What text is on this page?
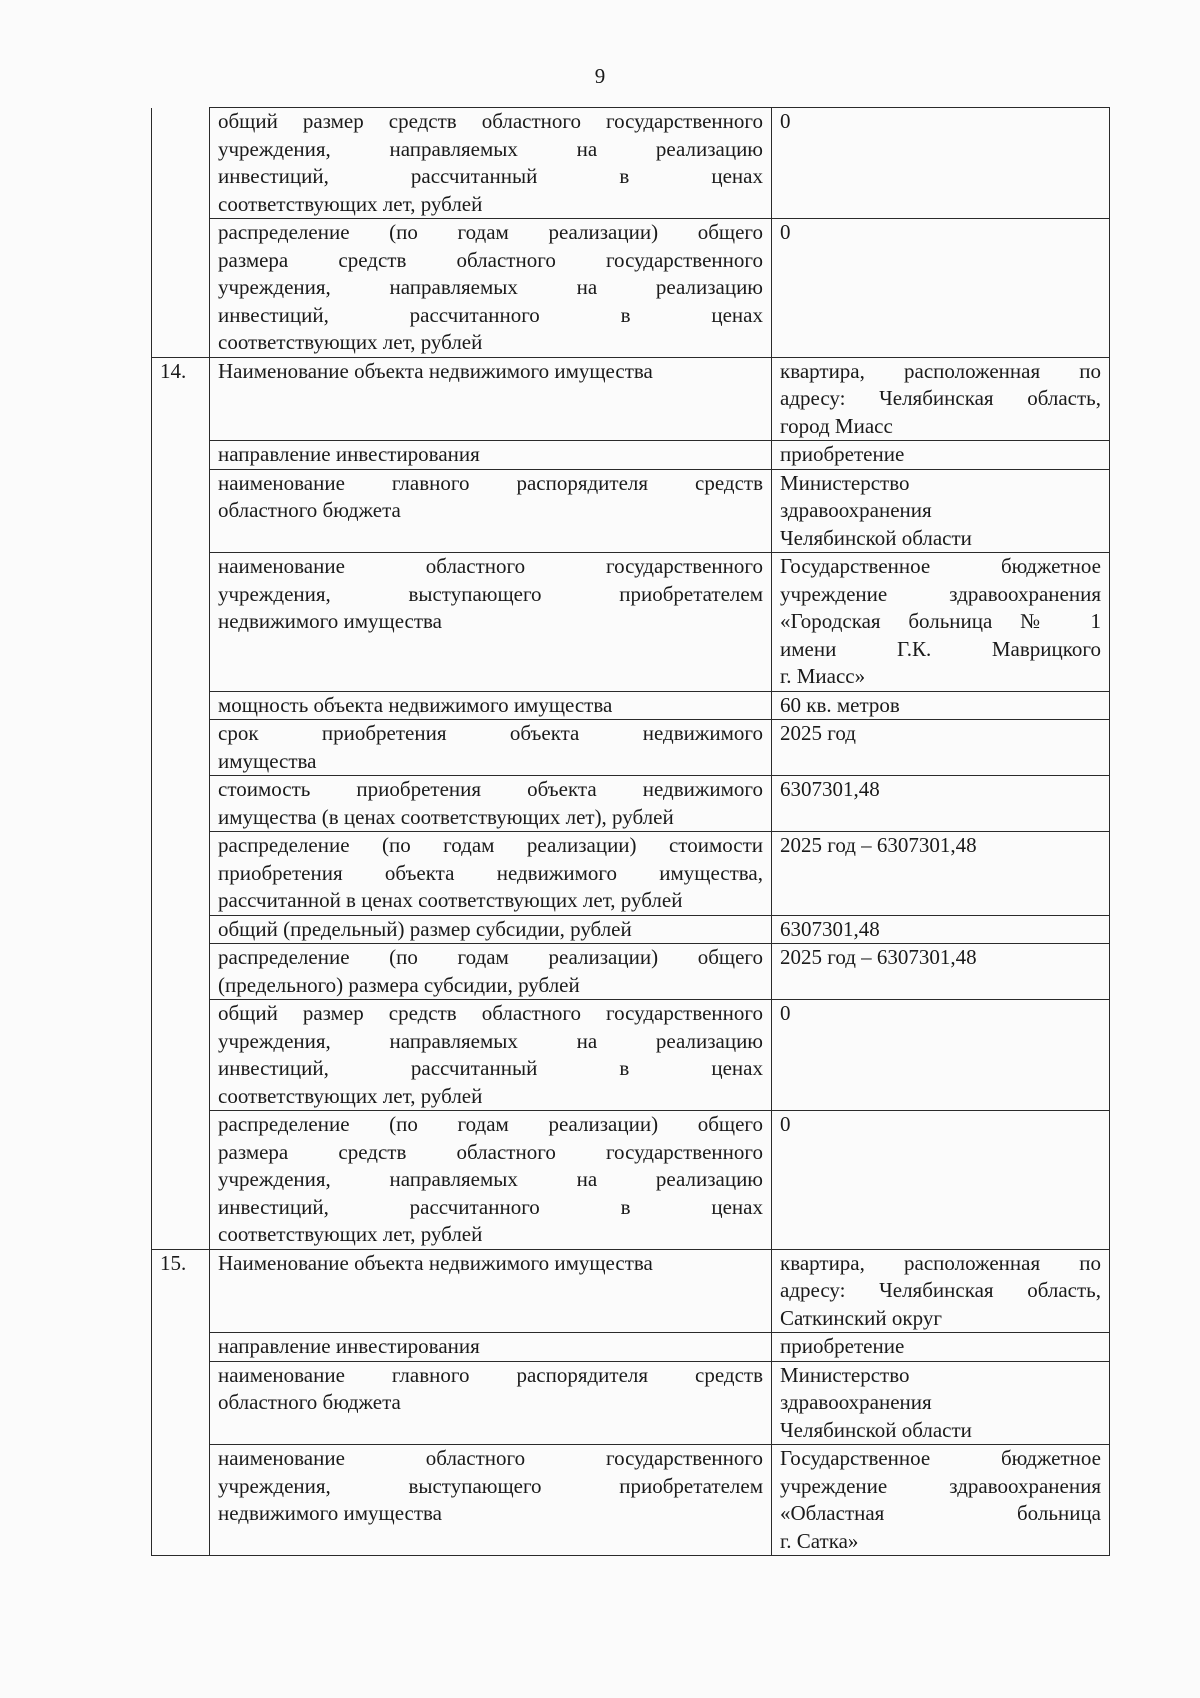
9

	общий размер средств областного государственного
учреждения, направляемых на реализацию
инвестиций, рассчитанный в ценах
соответствующих лет, рублей	0

	распределение (по годам реализации) общего
размера средств областного государственного
учреждения, направляемых на реализацию
инвестиций, рассчитанного в ценах
соответствующих лет, рублей	0

14.	Наименование объекта недвижимого имущества	квартира, расположенная по
адресу: Челябинская область,
город Миасс

	направление инвестирования	приобретение

	наименование главного распорядителя средств
областного бюджета	Министерство
здравоохранения
Челябинской области

	наименование областного государственного
учреждения, выступающего приобретателем
недвижимого имущества	Государственное бюджетное
учреждение здравоохранения
«Городская больница № 1
имени Г.К. Маврицкого
г. Миасс»

	мощность объекта недвижимого имущества	60 кв. метров

	срок приобретения объекта недвижимого
имущества	2025 год

	стоимость приобретения объекта недвижимого
имущества (в ценах соответствующих лет), рублей	6307301,48

	распределение (по годам реализации) стоимости
приобретения объекта недвижимого имущества,
рассчитанной в ценах соответствующих лет, рублей	2025 год – 6307301,48

	общий (предельный) размер субсидии, рублей	6307301,48

	распределение (по годам реализации) общего
(предельного) размера субсидии, рублей	2025 год – 6307301,48

	общий размер средств областного государственного
учреждения, направляемых на реализацию
инвестиций, рассчитанный в ценах
соответствующих лет, рублей	0

	распределение (по годам реализации) общего
размера средств областного государственного
учреждения, направляемых на реализацию
инвестиций, рассчитанного в ценах
соответствующих лет, рублей	0

15.	Наименование объекта недвижимого имущества	квартира, расположенная по
адресу: Челябинская область,
Саткинский округ

	направление инвестирования	приобретение

	наименование главного распорядителя средств
областного бюджета	Министерство
здравоохранения
Челябинской области

	наименование областного государственного
учреждения, выступающего приобретателем
недвижимого имущества	Государственное бюджетное
учреждение здравоохранения
«Областная больница
г. Сатка»
